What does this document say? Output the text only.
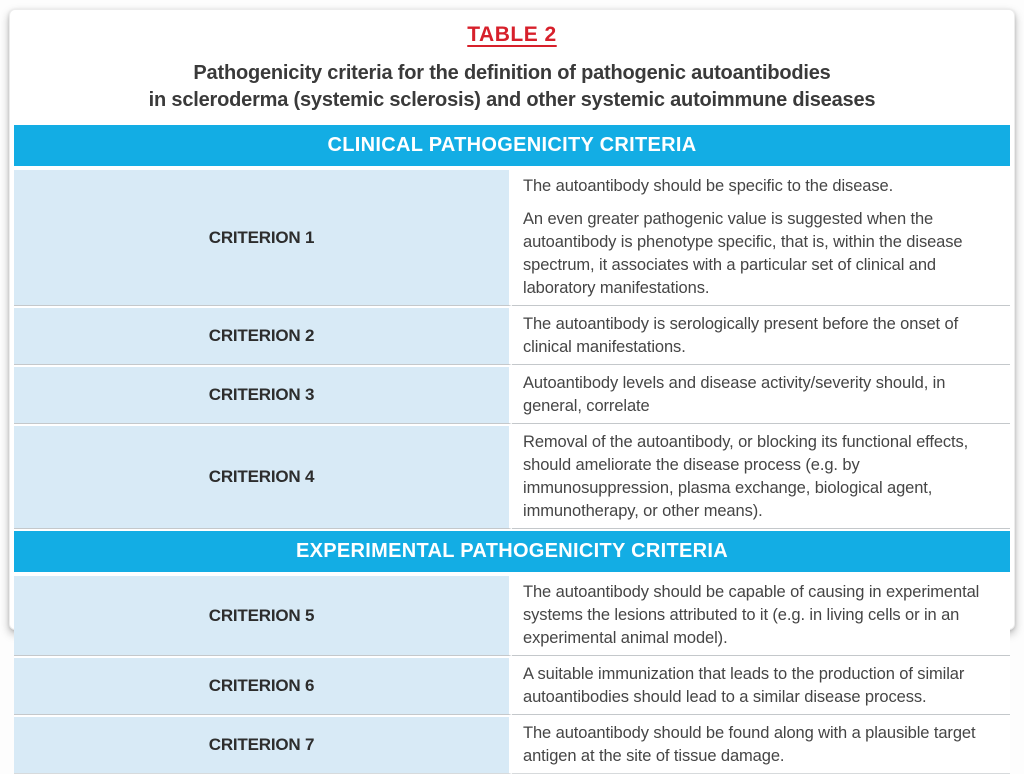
TABLE 2
Pathogenicity criteria for the definition of pathogenic autoantibodies
in scleroderma (systemic sclerosis) and other systemic autoimmune diseases
CLINICAL PATHOGENICITY CRITERIA	
CRITERION 1	The autoantibody should be specific to the disease.

An even greater pathogenic value is suggested when the autoantibody is phenotype specific, that is, within the disease spectrum, it associates with a particular set of clinical and laboratory manifestations.

CRITERION 2	The autoantibody is serologically present before the onset of clinical manifestations.

CRITERION 3	Autoantibody levels and disease activity/severity should, in general, correlate

CRITERION 4	Removal of the autoantibody, or blocking its functional effects, should ameliorate the disease process (e.g. by immunosuppression, plasma exchange, biological agent, immunotherapy, or other means).

EXPERIMENTAL PATHOGENICITY CRITERIA	
CRITERION 5	The autoantibody should be capable of causing in experimental systems the lesions attributed to it (e.g. in living cells or in an experimental animal model).

CRITERION 6	A suitable immunization that leads to the production of similar autoantibodies should lead to a similar disease process.

CRITERION 7	The autoantibody should be found along with a plausible target antigen at the site of tissue damage.
